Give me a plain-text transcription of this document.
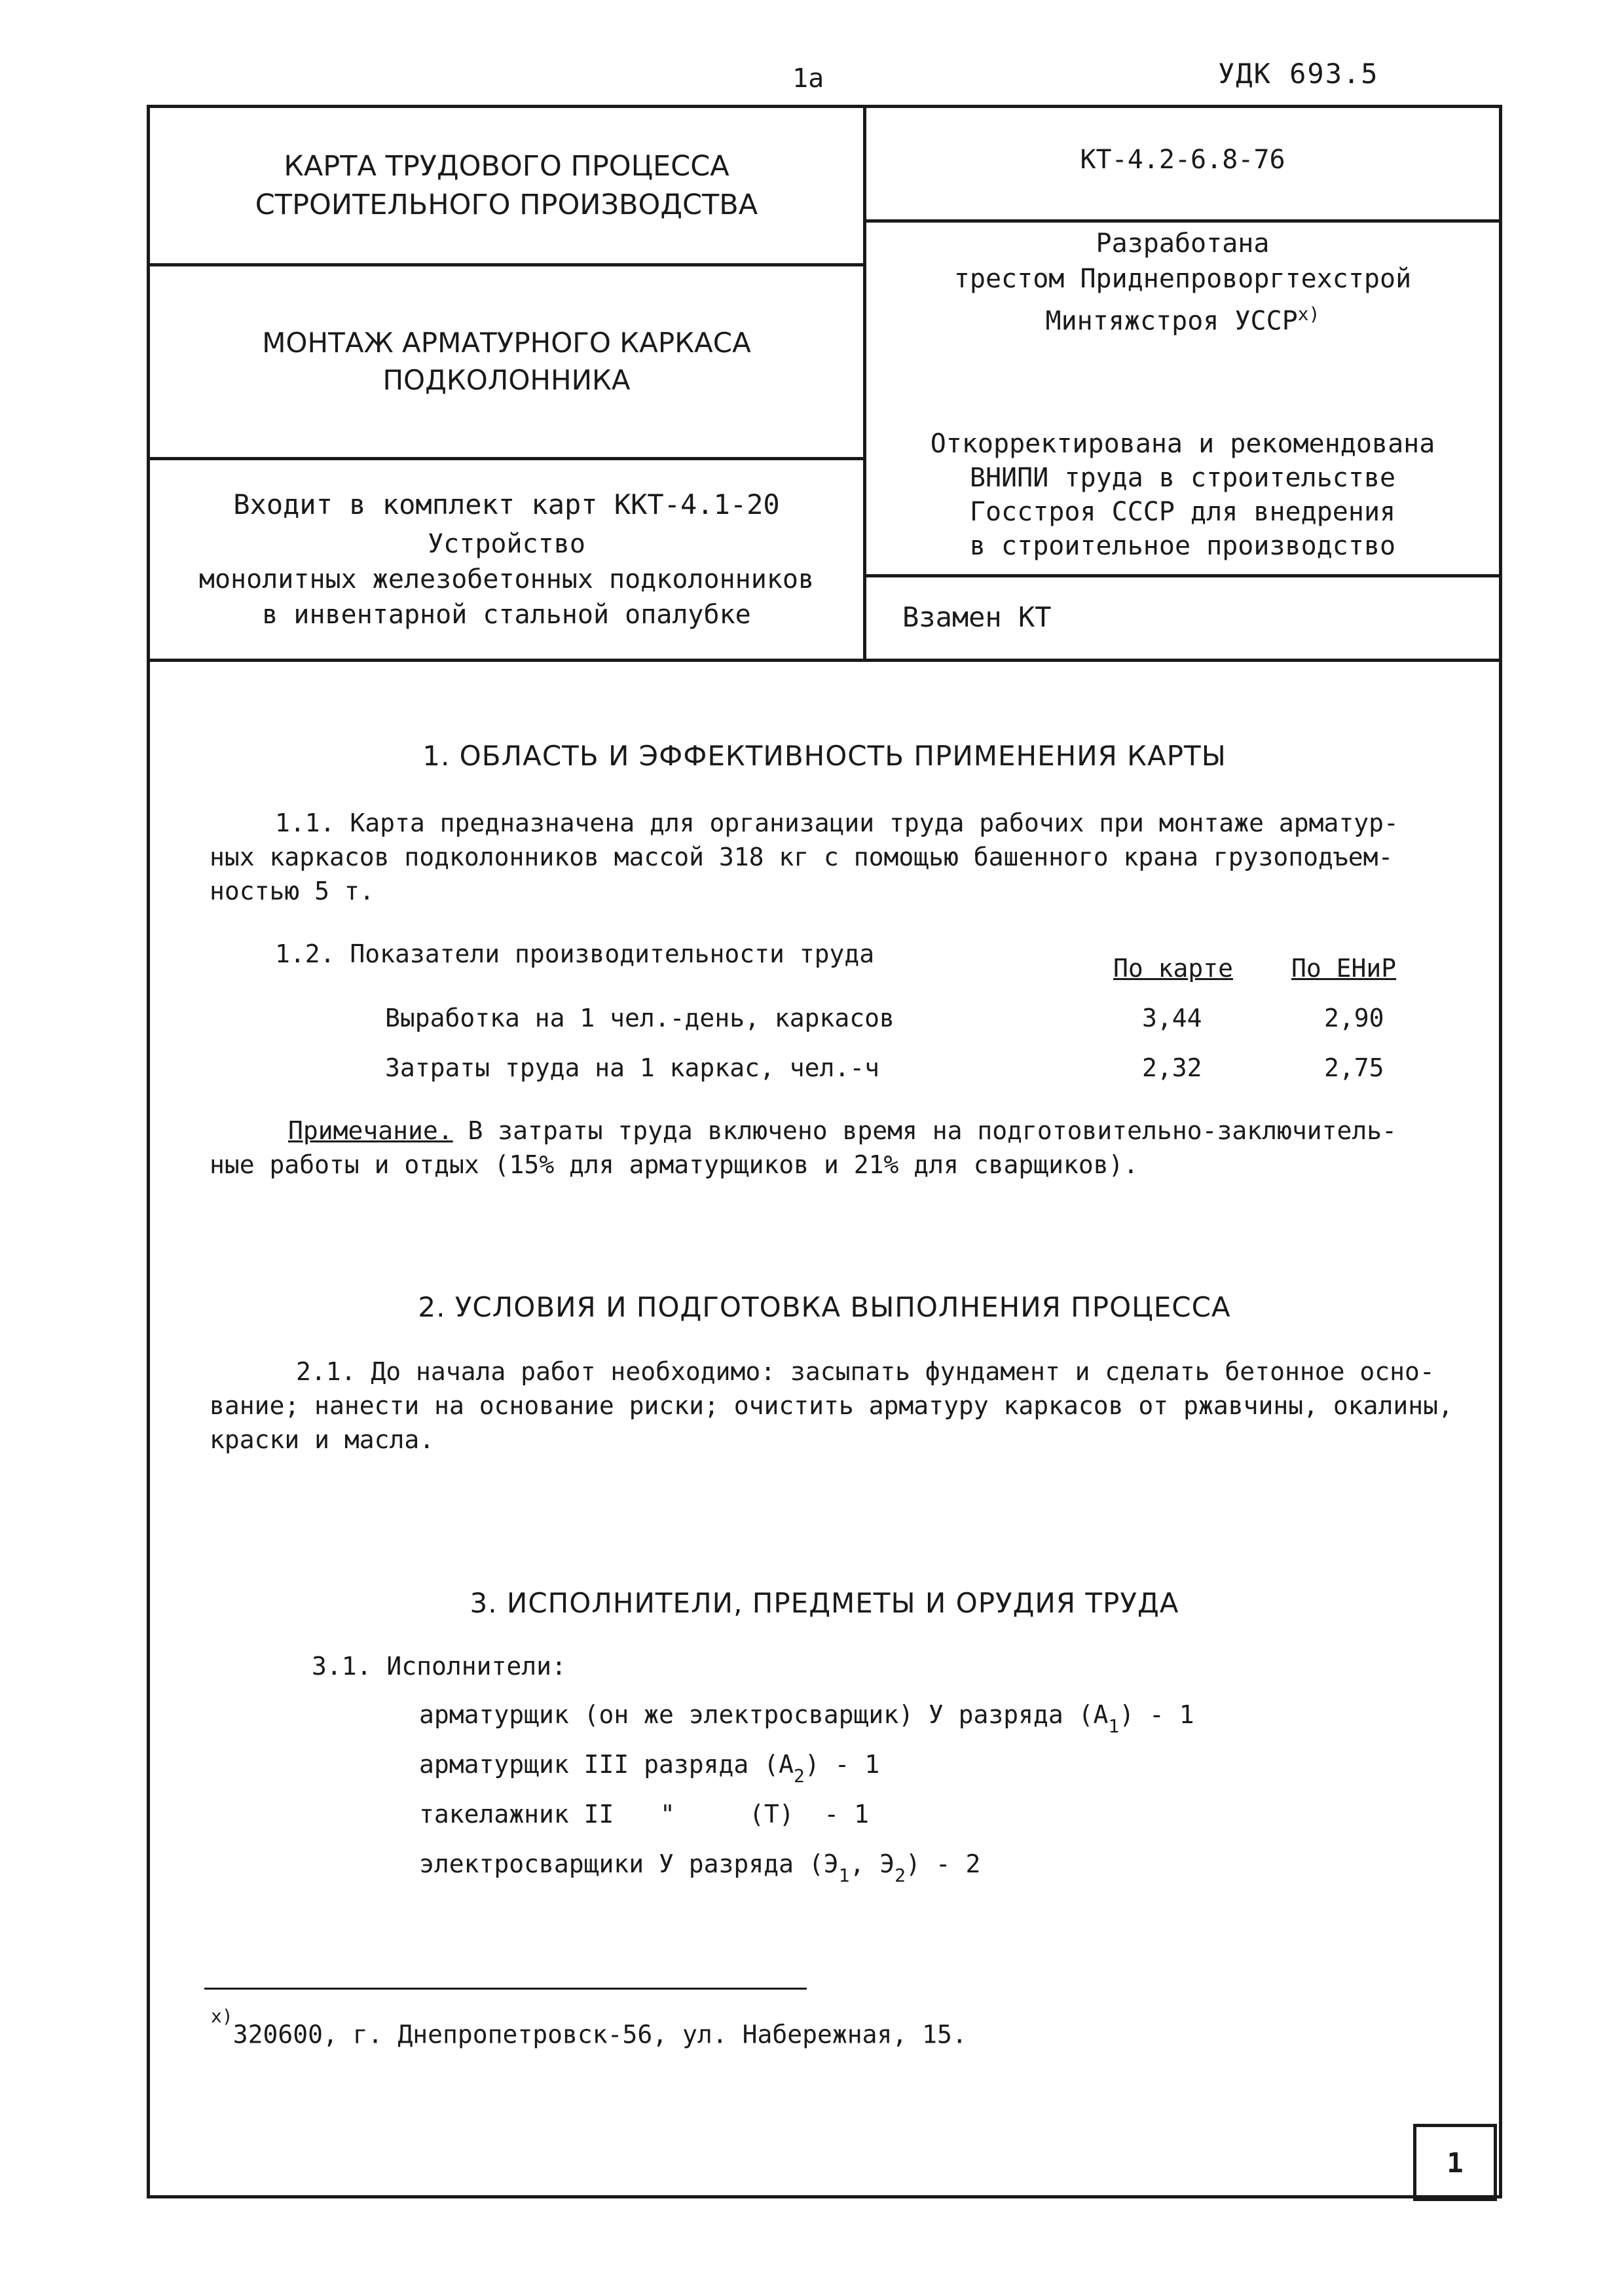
1a	УДК 693.5
КАРТА ТРУДОВОГО ПРОЦЕССА
СТРОИТЕЛЬНОГО ПРОИЗВОДСТВА
КТ-4.2-6.8-76
МОНТАЖ АРМАТУРНОГО КАРКАСА
ПОДКОЛОННИКА
Разработана
трестом Приднепроворгтехстрой
Минтяжстроя УССР$^{x)}$
Откорректирована и рекомендована
ВНИПИ труда в строительстве
Госстроя СССР для внедрения
в строительное производство
Входит в комплект карт ККТ-4.1-20
Устройство
монолитных железобетонных подколонников
в инвентарной стальной опалубке	Взамен КТ
1. ОБЛАСТЬ И ЭФФЕКТИВНОСТЬ ПРИМЕНЕНИЯ КАРТЫ
1.1. Карта предназначена для организации труда рабочих при монтаже арматур-
ных каркасов подколонников массой 318 кг с помощью башенного крана грузоподъем-
ностью 5 т.
1.2. Показатели производительности труда	По карте По ЕНиР
Выработка на 1 чел.-день, каркасов	3,44	2,90
Затраты труда на 1 каркас, чел.-ч	2,32	2,75
Примечание. В затраты труда включено время на подготовительно-заключитель-
ные работы и отдых (15% для арматурщиков и 21% для сварщиков).
2. УСЛОВИЯ И ПОДГОТОВКА ВЫПОЛНЕНИЯ ПРОЦЕССА
2.1. До начала работ необходимо: засыпать фундамент и сделать бетонное осно-
вание; нанести на основание риски; очистить арматуру каркасов от ржавчины, окалины,
краски и масла.
3. ИСПОЛНИТЕЛИ, ПРЕДМЕТЫ И ОРУДИЯ ТРУДА
3.1. Исполнители:
арматурщик (он же электросварщик) У разряда $(А_1) - 1$
арматурщик III разряда $(А_2) - 1$
такелажник II "	(Т)  - 1
электросварщики У разряда ($Э_1$, $Э_2) - 2$
$^{x)}$320600, г. Днепропетровск-56, ул. Набережная, 15.
1
